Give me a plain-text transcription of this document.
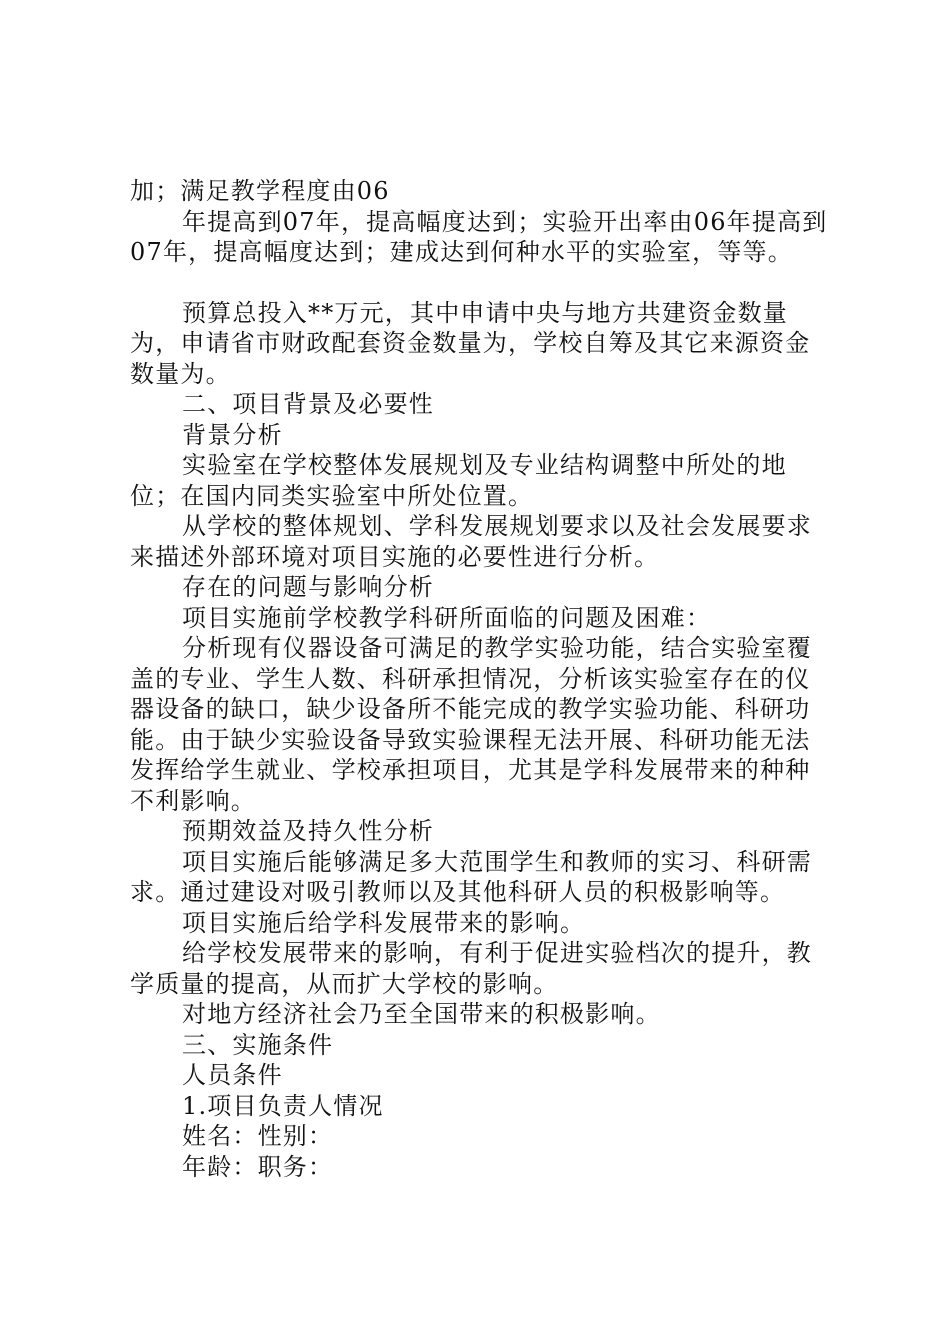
加；满足教学程度由06

年提高到07年，提高幅度达到；实验开出率由06年提高到07年，提高幅度达到；建成达到何种水平的实验室，等等。

预算总投入**万元，其中申请中央与地方共建资金数量为，申请省市财政配套资金数量为，学校自筹及其它来源资金数量为。

二、项目背景及必要性

背景分析

实验室在学校整体发展规划及专业结构调整中所处的地位；在国内同类实验室中所处位置。

从学校的整体规划、学科发展规划要求以及社会发展要求来描述外部环境对项目实施的必要性进行分析。

存在的问题与影响分析

项目实施前学校教学科研所面临的问题及困难：

分析现有仪器设备可满足的教学实验功能，结合实验室覆盖的专业、学生人数、科研承担情况，分析该实验室存在的仪器设备的缺口，缺少设备所不能完成的教学实验功能、科研功能。由于缺少实验设备导致实验课程无法开展、科研功能无法发挥给学生就业、学校承担项目，尤其是学科发展带来的种种不利影响。

预期效益及持久性分析

项目实施后能够满足多大范围学生和教师的实习、科研需求。通过建设对吸引教师以及其他科研人员的积极影响等。

项目实施后给学科发展带来的影响。

给学校发展带来的影响，有利于促进实验档次的提升，教学质量的提高，从而扩大学校的影响。

对地方经济社会乃至全国带来的积极影响。

三、实施条件

人员条件

1.项目负责人情况

姓名：性别：

年龄：职务：
